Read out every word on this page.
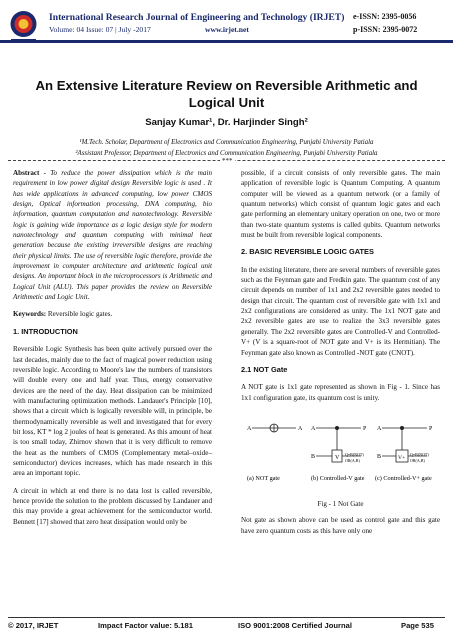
International Research Journal of Engineering and Technology (IRJET)
Volume: 04 Issue: 07 | July -2017	www.irjet.net
e-ISSN: 2395-0056
p-ISSN: 2395-0072
An Extensive Literature Review on Reversible Arithmetic and Logical Unit
Sanjay Kumar¹, Dr. Harjinder Singh²
¹M.Tech. Scholar, Department of Electronics and Communication Engineering, Punjabi University Patiala
²Assistant Professor, Department of Electronics and Communication Engineering, Punjabi University Patiala
***

Abstract - To reduce the power dissipation which is the main requirement in low power digital design Reversible logic is used . It has wide applications in advanced computing, low power CMOS design, Optical information processing, DNA computing, bio information, quantum computation and nanotechnology. Reversible logic is gaining wide importance as a logic design style for modern nanotechnology and quantum computing with minimal heat generation because the existing irreversible designs are reaching their physical limits. The use of reversible logic therefore, provide the improvement in computer architecture and arithmetic logical unit designs. An important block in the microprocessors is Arithmetic and Logical Unit (ALU). This paper provides the review on Reversible Arithmetic and Logic Unit.

Keywords: Reversible logic gates.

1. INTRODUCTION

Reversible Logic Synthesis has been quite actively pursued over the last decades, mainly due to the fact of magical power reduction using reversible logic. According to Moore's law the numbers of transistors will double every one and half year. Thus, energy conservative devices are the need of the day. Heat dissipation can be minimized with manufacturing optimization methods. Landauer's Principle [10], shows that a circuit which is logically reversible will, in principle, be thermodynamically reversible as well and investigated that for every bit loss, KT * log 2 joules of heat is generated. As this amount of heat is too small today, Zhirnov shown that it is very difficult to remove the heat as the numbers of CMOS (Complementary metal–oxide–semiconductor) devices increases, which has made research in this area an important topic.

A circuit in which at end there is no data lost is called reversible, hence provide the solution to the problem discussed by Landauer and this may provide a great achievement for the semiconductor world. Bennett [17] showed that zero heat dissipation would only be

possible, if a circuit consists of only reversible gates. The main application of reversible logic is Quantum Computing. A quantum computer will be viewed as a quantum network (or a family of quantum networks) which consist of quantum logic gates and each gate performing an elementary unitary operation on one, two or more than two-state quantum systems is called qubits. Quantum networks must be built from reversible logical components.

2. BASIC REVERSIBLE LOGIC GATES

In the existing literature, there are several numbers of reversible gates such as the Feynman gate and Fredkin gate. The quantum cost of any circuit depends on number of 1x1 and 2x2 reversible gates needed to design that circuit. The quantum cost of reversible gate with 1x1 and 2x2 configurations are considered as unity. The 1x1 NOT gate and 2x2 reversible gates are use to realize the 3x3 reversible gates generally. The 2x2 reversible gates are Controlled-V and Controlled-V+ (V is a square-root of NOT gate and V+ is its Hermitian). The Feynman gate also known as Controlled -NOT gate (CNOT).

2.1 NOT Gate

A NOT gate is 1x1 gate represented as shown in Fig - 1. Since has 1x1 configuration gate, its quantum cost is unity.

A	A
(a) NOT gate
A
B	V
P
Q=B(NOT)
OR(A,B)
(b) Controlled-V gate
A
B	V+
P
Q=B(NOT)
OR(A,B)
(c) Controlled-V+ gate
Fig - 1 Not Gate

Not gate as shown above can be used as control gate and this gate have zero quantum costs as this have only one

© 2017, IRJET	Impact Factor value: 5.181	ISO 9001:2008 Certified Journal	Page 535
